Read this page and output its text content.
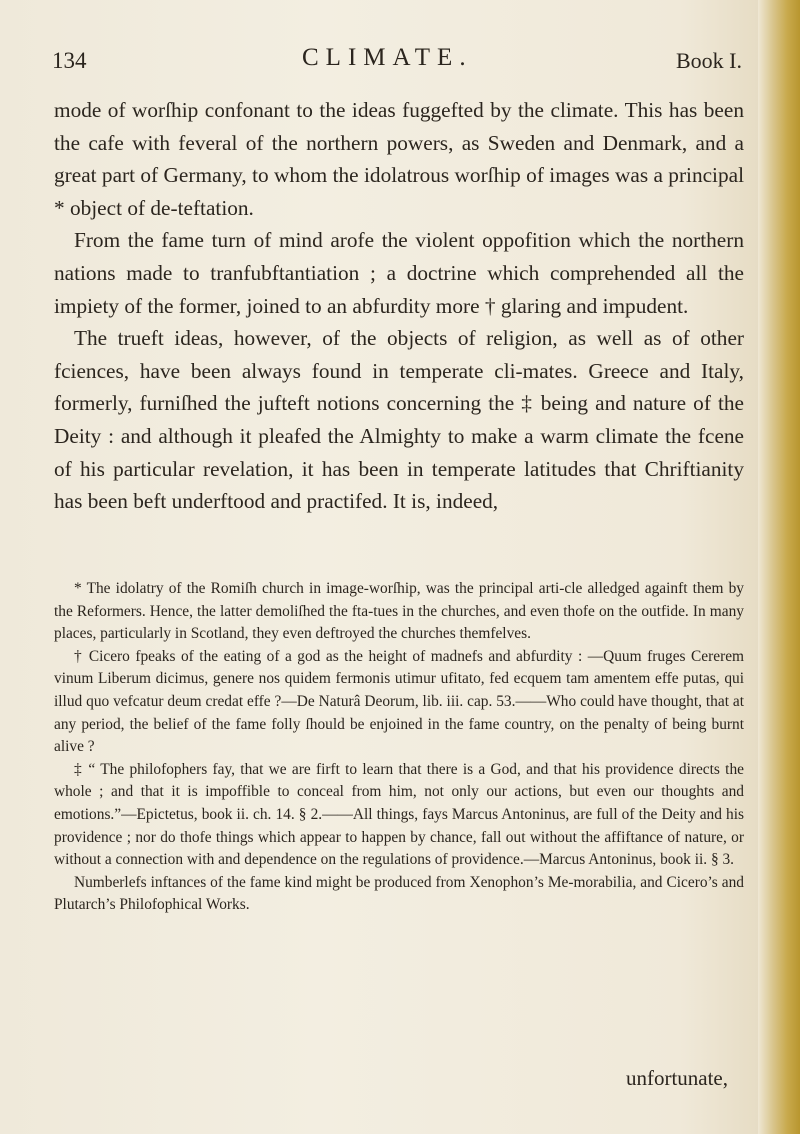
134	CLIMATE.	Book I.

mode of worſhip confonant to the ideas fuggefted by the climate. This has been the cafe with feveral of the northern powers, as Sweden and Denmark, and a great part of Germany, to whom the idolatrous worſhip of images was a principal * object of de-teftation.

From the fame turn of mind arofe the violent oppofition which the northern nations made to tranfubftantiation ; a doctrine which comprehended all the impiety of the former, joined to an abfurdity more † glaring and impudent.

The trueft ideas, however, of the objects of religion, as well as of other fciences, have been always found in temperate cli-mates. Greece and Italy, formerly, furniſhed the jufteft notions concerning the ‡ being and nature of the Deity : and although it pleafed the Almighty to make a warm climate the fcene of his particular revelation, it has been in temperate latitudes that Chriftianity has been beft underftood and practifed. It is, indeed,

* The idolatry of the Romiſh church in image-worſhip, was the principal arti-cle alledged againft them by the Reformers. Hence, the latter demoliſhed the fta-tues in the churches, and even thofe on the outfide. In many places, particularly in Scotland, they even deftroyed the churches themfelves.

† Cicero fpeaks of the eating of a god as the height of madnefs and abfurdity : —Quum fruges Cererem vinum Liberum dicimus, genere nos quidem fermonis utimur ufitato, fed ecquem tam amentem effe putas, qui illud quo vefcatur deum credat effe ?—De Naturâ Deorum, lib. iii. cap. 53.——Who could have thought, that at any period, the belief of the fame folly ſhould be enjoined in the fame country, on the penalty of being burnt alive ?

‡ “ The philofophers fay, that we are firft to learn that there is a God, and that his providence directs the whole ; and that it is impoffible to conceal from him, not only our actions, but even our thoughts and emotions.”—Epictetus, book ii. ch. 14. § 2.——All things, fays Marcus Antoninus, are full of the Deity and his providence ; nor do thofe things which appear to happen by chance, fall out without the affiftance of nature, or without a connection with and dependence on the regulations of providence.—Marcus Antoninus, book ii. § 3.

Numberlefs inftances of the fame kind might be produced from Xenophon’s Me-morabilia, and Cicero’s and Plutarch’s Philofophical Works.

unfortunate,
